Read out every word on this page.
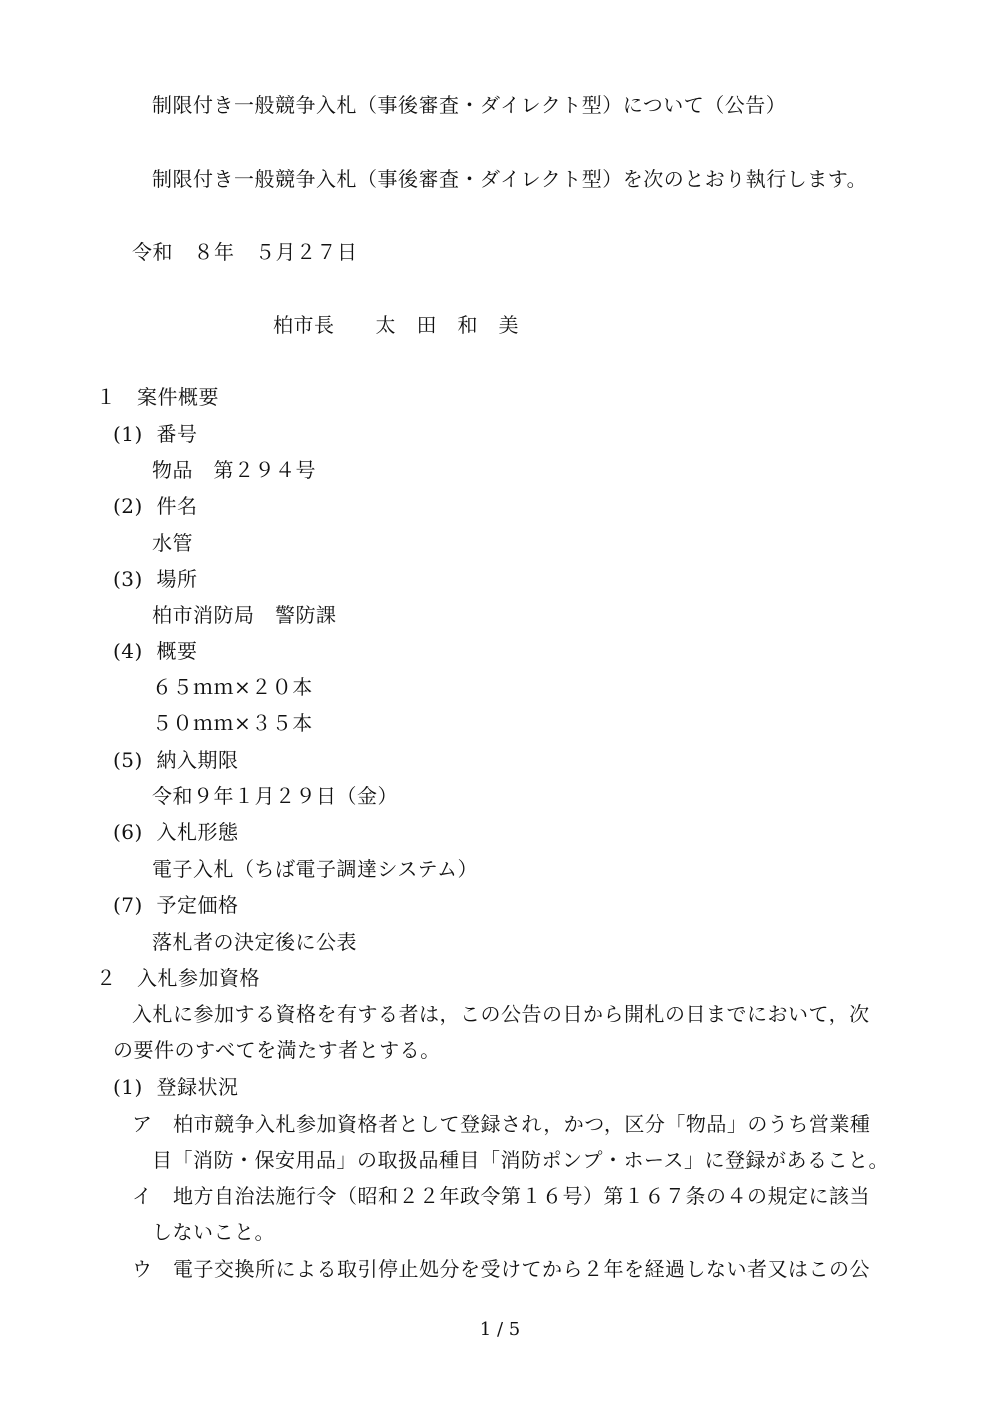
制限付き一般競争入札（事後審査・ダイレクト型）について（公告）
制限付き一般競争入札（事後審査・ダイレクト型）を次のとおり執行します。
令和　８年　５月２７日
柏市長　　太　田　和　美
１　案件概要
(1)  番号
物品　第２９４号
(2)  件名
水管
(3)  場所
柏市消防局　警防課
(4)  概要
６５ｍｍ×２０本
５０ｍｍ×３５本
(5)  納入期限
令和９年１月２９日（金）
(6)  入札形態
電子入札（ちば電子調達システム）
(7)  予定価格
落札者の決定後に公表
２　入札参加資格
入札に参加する資格を有する者は，この公告の日から開札の日までにおいて，次
の要件のすべてを満たす者とする。
(1)  登録状況
ア　柏市競争入札参加資格者として登録され，かつ，区分「物品」のうち営業種
目「消防・保安用品」の取扱品種目「消防ポンプ・ホース」に登録があること。
イ　地方自治法施行令（昭和２２年政令第１６号）第１６７条の４の規定に該当
しないこと。
ウ　電子交換所による取引停止処分を受けてから２年を経過しない者又はこの公
1 / 5
